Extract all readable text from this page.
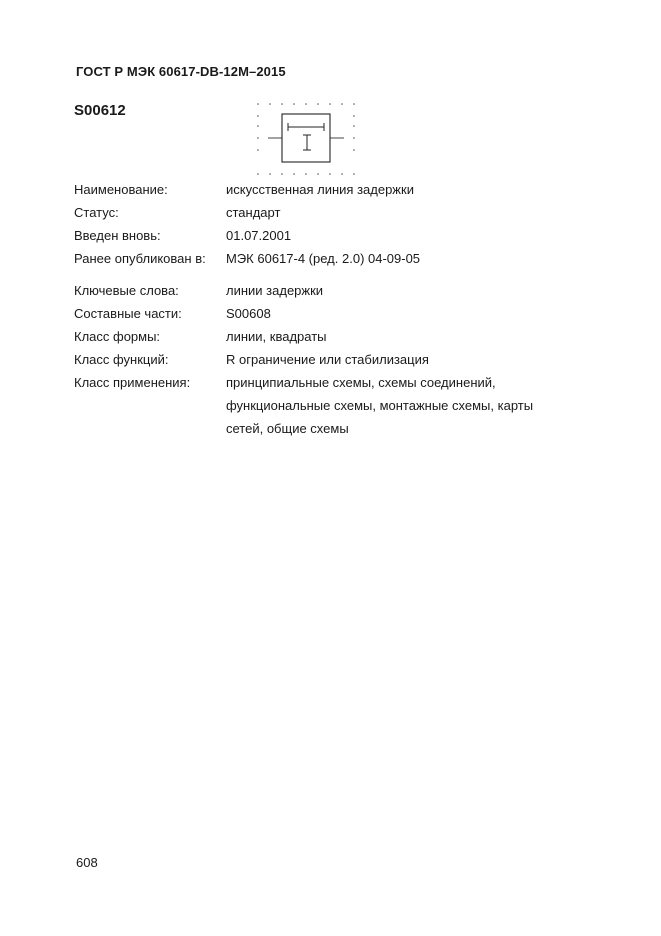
ГОСТ Р МЭК 60617-DB-12M–2015
S00612
Наименование:	искусственная линия задержки
Статус:	стандарт
Введен вновь:	01.07.2001
Ранее опубликован в:	МЭК 60617-4 (ред. 2.0) 04-09-05
Ключевые слова:	линии задержки
Составные части:	S00608
Класс формы:	линии, квадраты
Класс функций:	R ограничение или стабилизация
Класс применения:	принципиальные схемы, схемы соединений,
функциональные схемы, монтажные схемы, карты
сетей, общие схемы
608
